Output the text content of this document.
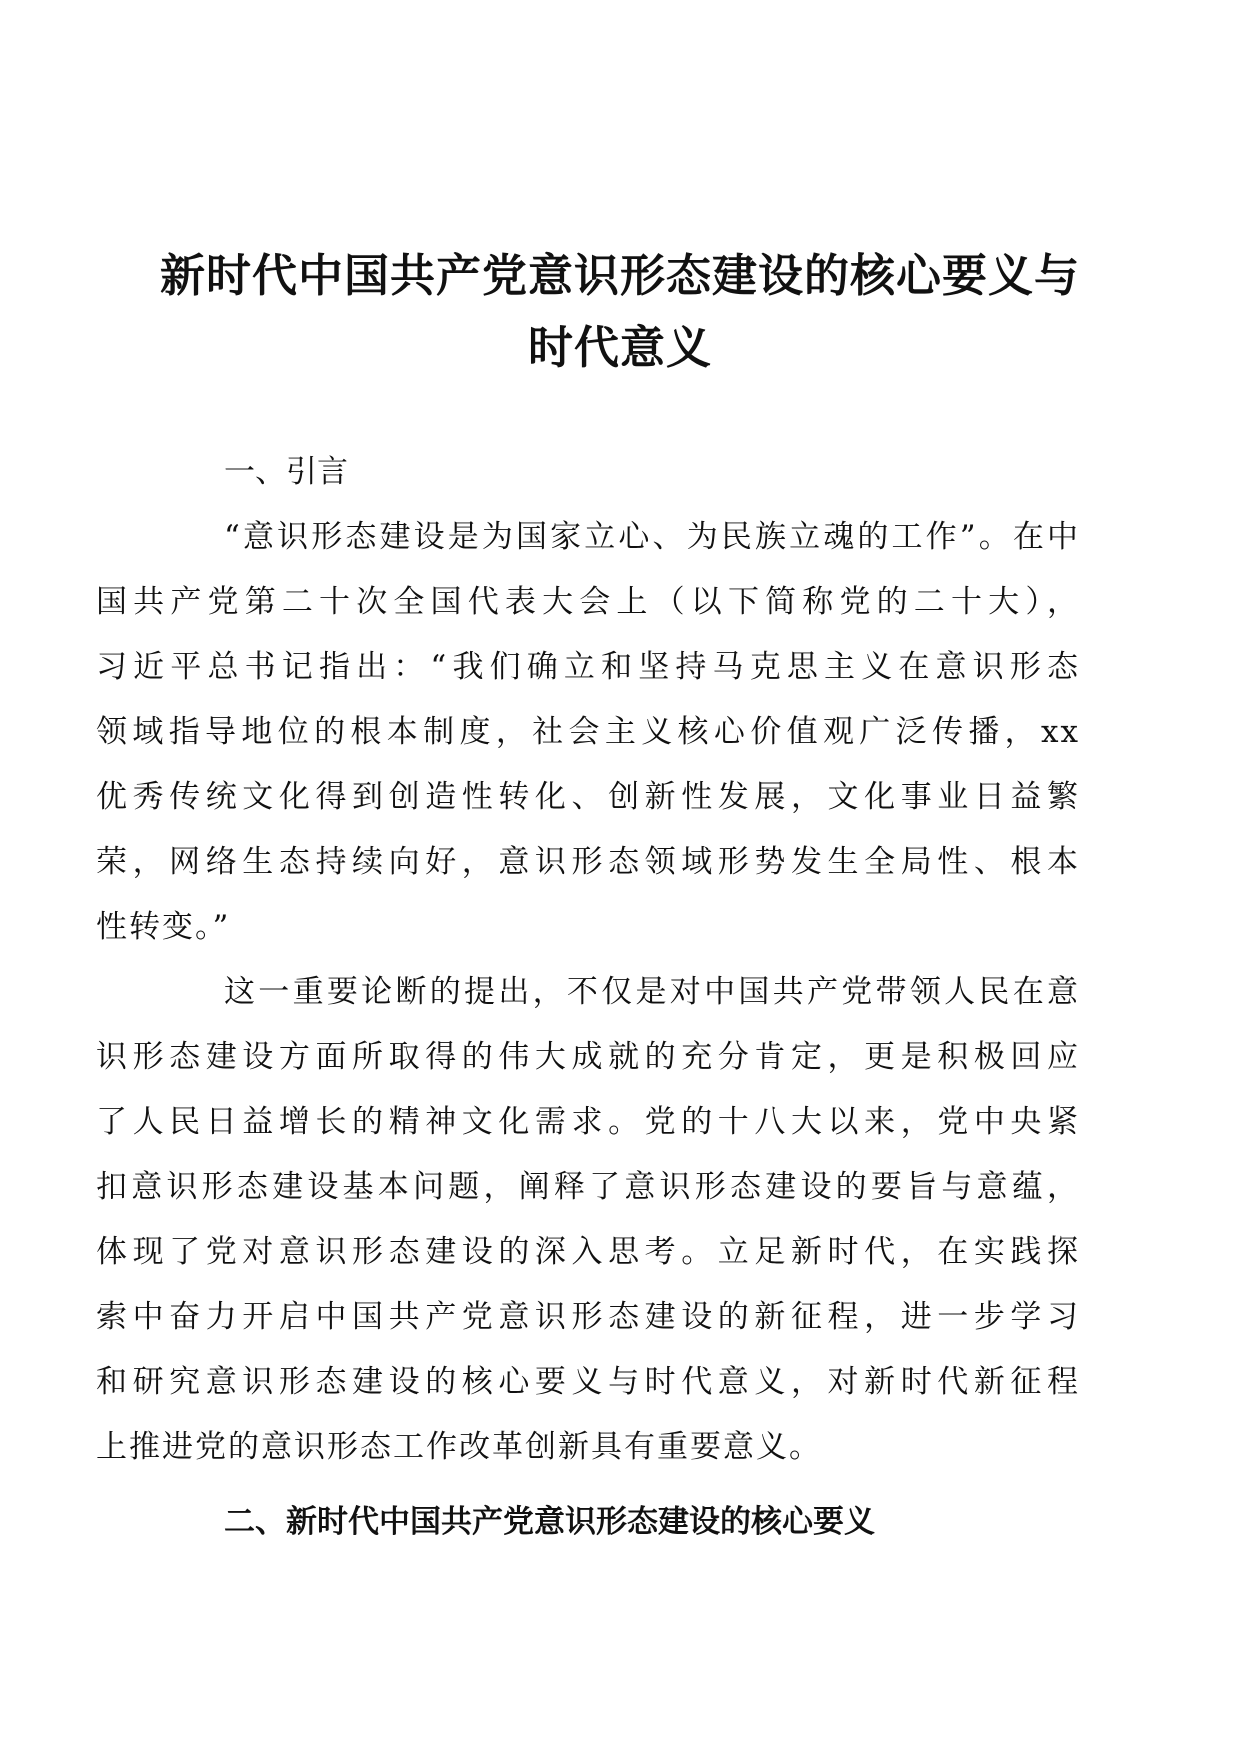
新时代中国共产党意识形态建设的核心要义与
时代意义
一、引言
“意识形态建设是为国家立心、为民族立魂的工作”。在中
国共产党第二十次全国代表大会上（以下简称党的二十大），
习近平总书记指出：“我们确立和坚持马克思主义在意识形态
领域指导地位的根本制度，社会主义核心价值观广泛传播，xx
优秀传统文化得到创造性转化、创新性发展，文化事业日益繁
荣，网络生态持续向好，意识形态领域形势发生全局性、根本
性转变。”
这一重要论断的提出，不仅是对中国共产党带领人民在意
识形态建设方面所取得的伟大成就的充分肯定，更是积极回应
了人民日益增长的精神文化需求。党的十八大以来，党中央紧
扣意识形态建设基本问题，阐释了意识形态建设的要旨与意蕴，
体现了党对意识形态建设的深入思考。立足新时代，在实践探
索中奋力开启中国共产党意识形态建设的新征程，进一步学习
和研究意识形态建设的核心要义与时代意义，对新时代新征程
上推进党的意识形态工作改革创新具有重要意义。
二、新时代中国共产党意识形态建设的核心要义
